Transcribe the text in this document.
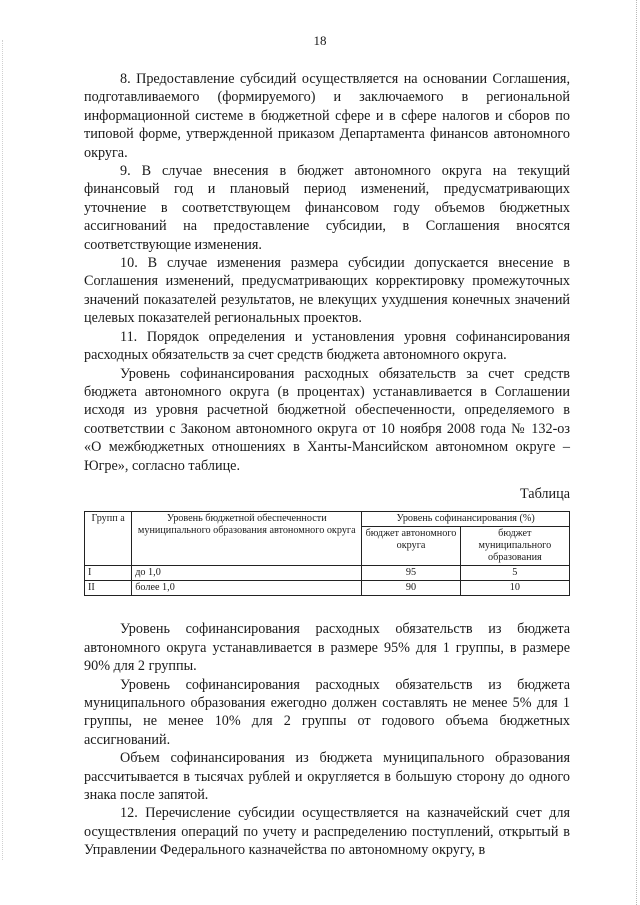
18

8. Предоставление субсидий осуществляется на основании Соглашения, подготавливаемого (формируемого) и заключаемого в региональной информационной системе в бюджетной сфере и в сфере налогов и сборов по типовой форме, утвержденной приказом Департамента финансов автономного округа.

9. В случае внесения в бюджет автономного округа на текущий финансовый год и плановый период изменений, предусматривающих уточнение в соответствующем финансовом году объемов бюджетных ассигнований на предоставление субсидии, в Соглашения вносятся соответствующие изменения.

10. В случае изменения размера субсидии допускается внесение в Соглашения изменений, предусматривающих корректировку промежуточных значений показателей результатов, не влекущих ухудшения конечных значений целевых показателей региональных проектов.

11. Порядок определения и установления уровня софинансирования расходных обязательств за счет средств бюджета автономного округа.

Уровень софинансирования расходных обязательств за счет средств бюджета автономного округа (в процентах) устанавливается в Соглашении исходя из уровня расчетной бюджетной обеспеченности, определяемого в соответствии с Законом автономного округа от 10 ноября 2008 года № 132-оз «О межбюджетных отношениях в Ханты-Мансийском автономном округе – Югре», согласно таблице.

Таблица

Групп а	Уровень бюджетной обеспеченности муниципального образования автономного округа	Уровень софинансирования (%)	
		бюджет автономного округа	бюджет муниципального образования
I	до 1,0	95	5
II	более 1,0	90	10

Уровень софинансирования расходных обязательств из бюджета автономного округа устанавливается в размере 95% для 1 группы, в размере 90% для 2 группы.

Уровень софинансирования расходных обязательств из бюджета муниципального образования ежегодно должен составлять не менее 5% для 1 группы, не менее 10% для 2 группы от годового объема бюджетных ассигнований.

Объем софинансирования из бюджета муниципального образования рассчитывается в тысячах рублей и округляется в большую сторону до одного знака после запятой.

12. Перечисление субсидии осуществляется на казначейский счет для осуществления операций по учету и распределению поступлений, открытый в Управлении Федерального казначейства по автономному округу, в
